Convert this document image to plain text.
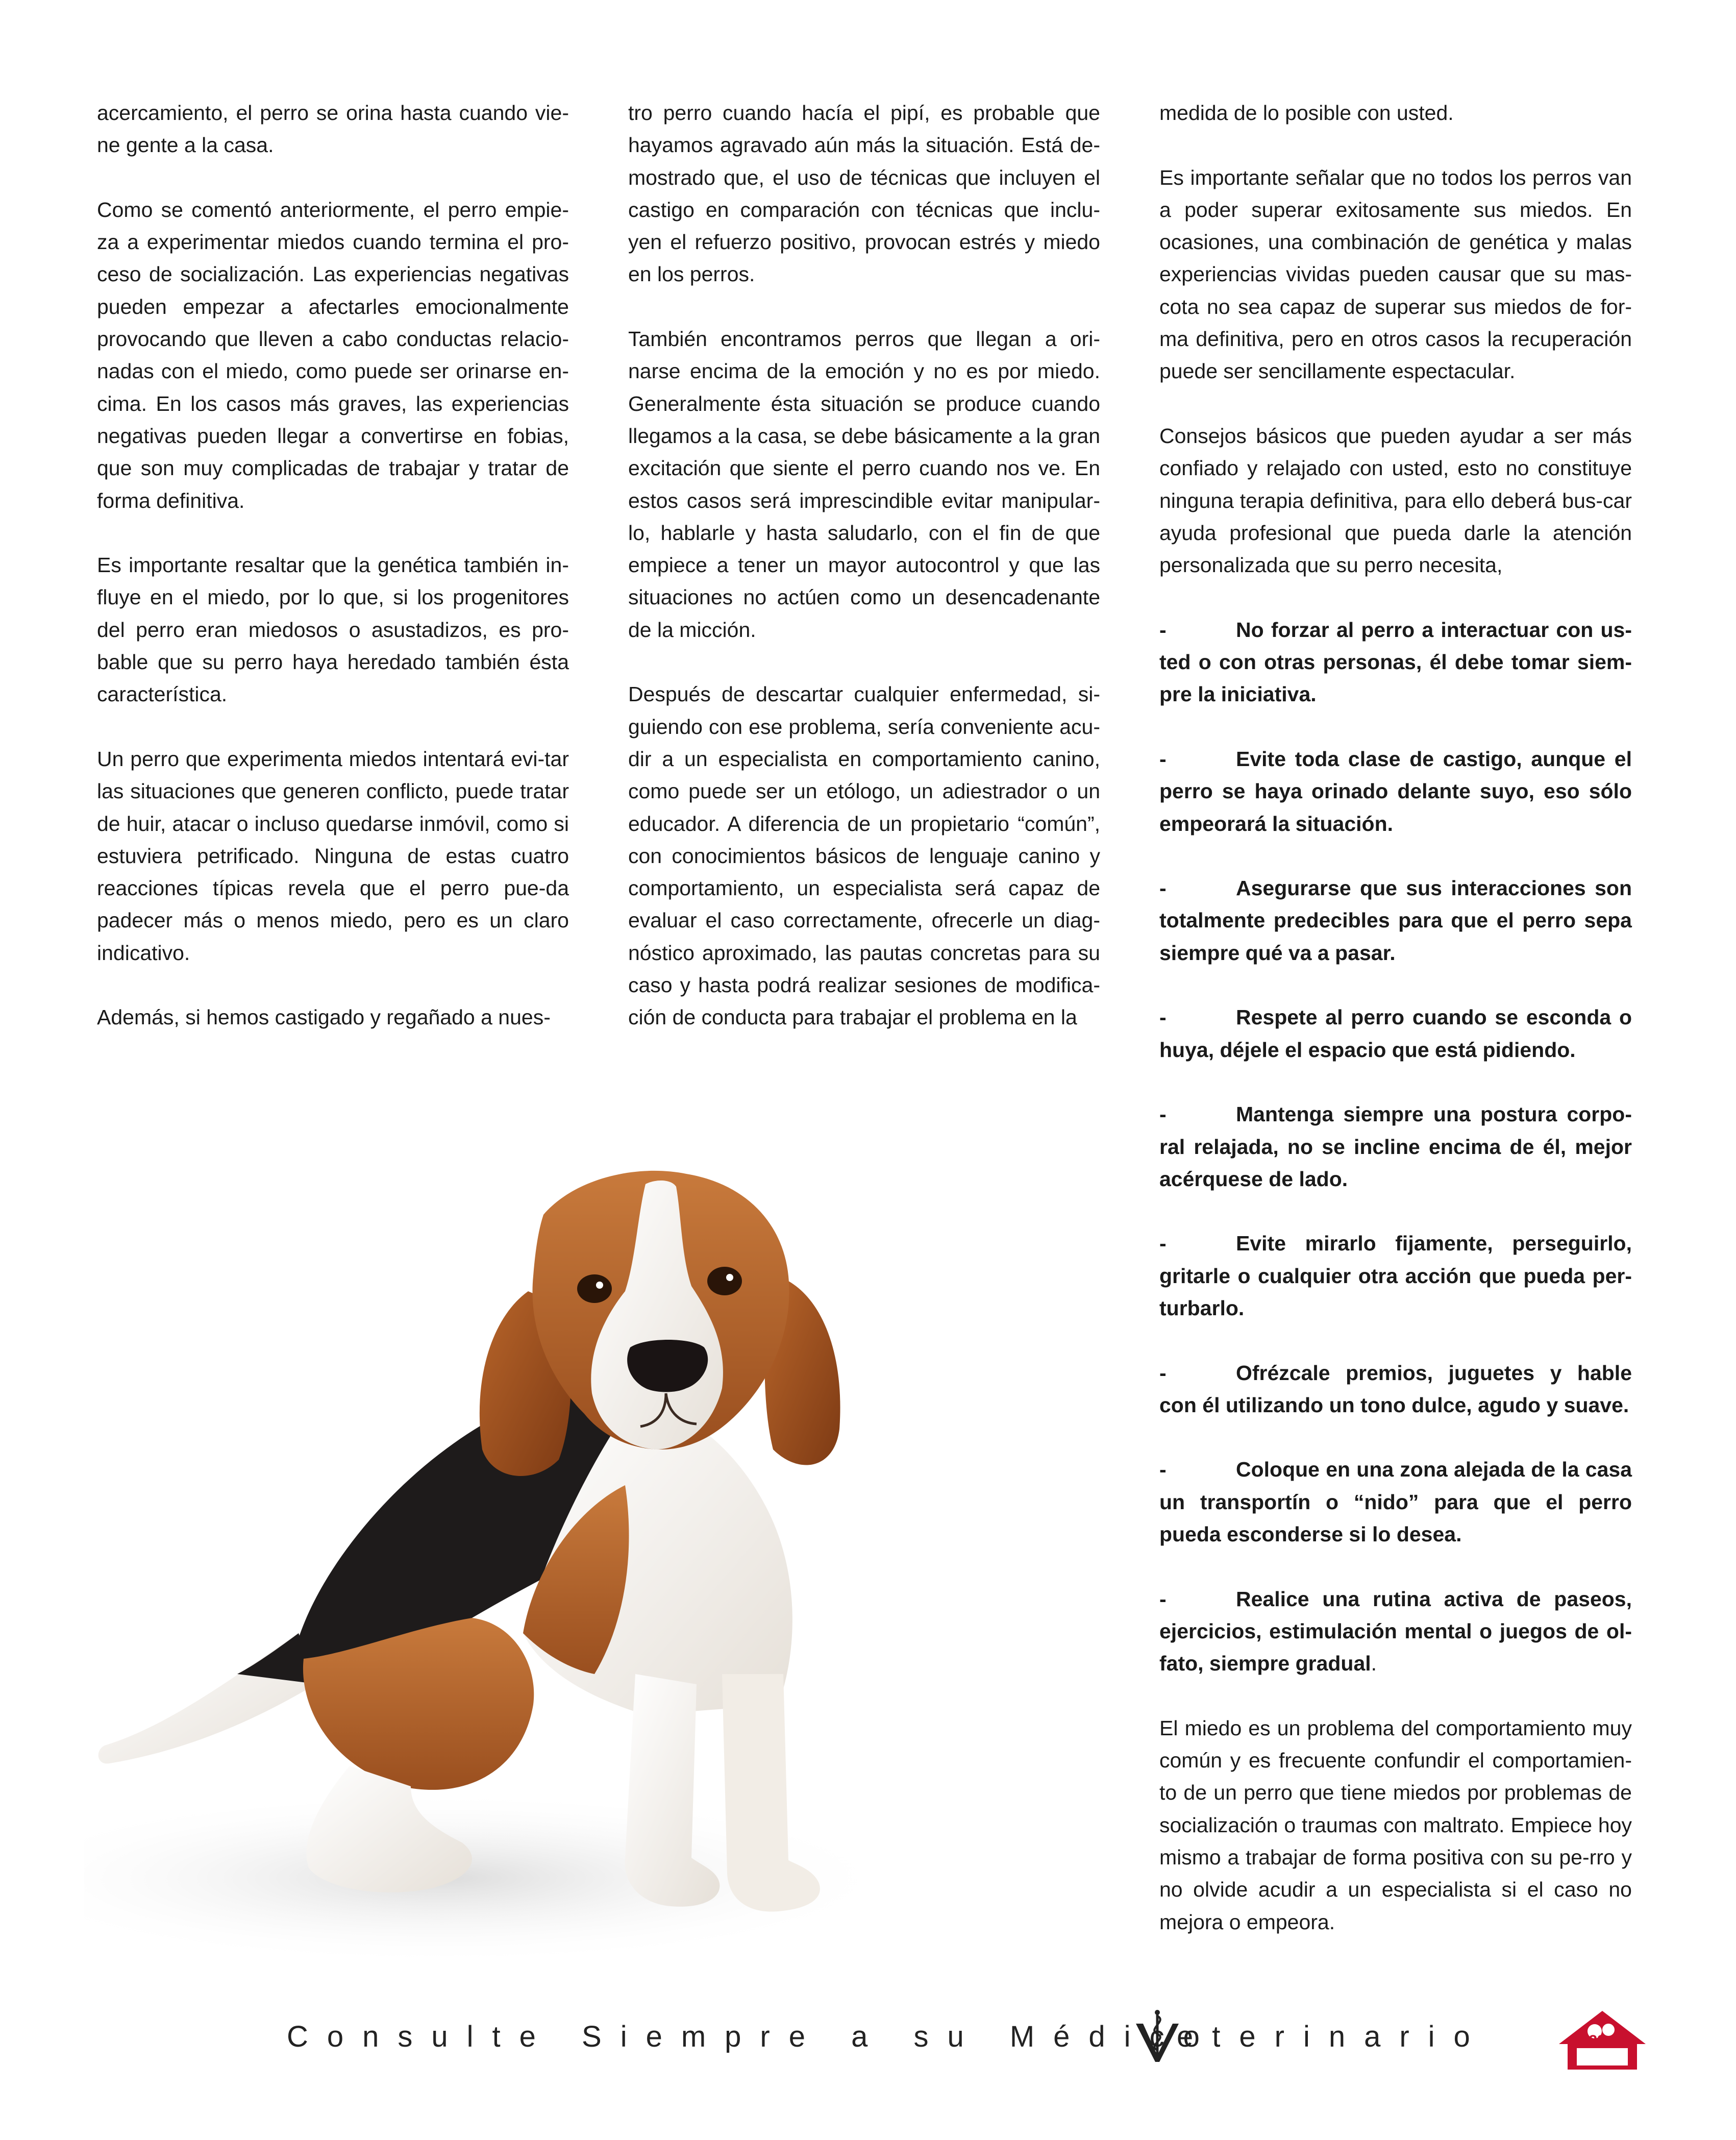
acercamiento, el perro se orina hasta cuando vie-ne gente a la casa.

Como se comentó anteriormente, el perro empie-za a experimentar miedos cuando termina el pro-ceso de socialización. Las experiencias negativas pueden empezar a afectarles emocionalmente provocando que lleven a cabo conductas relacio-nadas con el miedo, como puede ser orinarse en-cima. En los casos más graves, las experiencias negativas pueden llegar a convertirse en fobias, que son muy complicadas de trabajar y tratar de forma definitiva.

Es importante resaltar que la genética también in-fluye en el miedo, por lo que, si los progenitores del perro eran miedosos o asustadizos, es pro-bable que su perro haya heredado también ésta característica.

Un perro que experimenta miedos intentará evi-tar las situaciones que generen conflicto, puede tratar de huir, atacar o incluso quedarse inmóvil, como si estuviera petrificado. Ninguna de estas cuatro reacciones típicas revela que el perro pue-da padecer más o menos miedo, pero es un claro indicativo.

Además, si hemos castigado y regañado a nues-

tro perro cuando hacía el pipí, es probable que hayamos agravado aún más la situación. Está de-mostrado que, el uso de técnicas que incluyen el castigo en comparación con técnicas que inclu-yen el refuerzo positivo, provocan estrés y miedo en los perros.

También encontramos perros que llegan a ori-narse encima de la emoción y no es por miedo. Generalmente ésta situación se produce cuando llegamos a la casa, se debe básicamente a la gran excitación que siente el perro cuando nos ve. En estos casos será imprescindible evitar manipular-lo, hablarle y hasta saludarlo, con el fin de que empiece a tener un mayor autocontrol y que las situaciones no actúen como un desencadenante de la micción.

Después de descartar cualquier enfermedad, si-guiendo con ese problema, sería conveniente acu-dir a un especialista en comportamiento canino, como puede ser un etólogo, un adiestrador o un educador. A diferencia de un propietario “común”, con conocimientos básicos de lenguaje canino y comportamiento, un especialista será capaz de evaluar el caso correctamente, ofrecerle un diag-nóstico aproximado, las pautas concretas para su caso y hasta podrá realizar sesiones de modifica-ción de conducta para trabajar el problema en la

medida de lo posible con usted.

Es importante señalar que no todos los perros van a poder superar exitosamente sus miedos. En ocasiones, una combinación de genética y malas experiencias vividas pueden causar que su mas-cota no sea capaz de superar sus miedos de for-ma definitiva, pero en otros casos la recuperación puede ser sencillamente espectacular.

Consejos básicos que pueden ayudar a ser más confiado y relajado con usted, esto no constituye ninguna terapia definitiva, para ello deberá bus-car ayuda profesional que pueda darle la atención personalizada que su perro necesita,

-	No forzar al perro a interactuar con us-ted o con otras personas, él debe tomar siem-pre la iniciativa.
-	Evite toda clase de castigo, aunque el perro se haya orinado delante suyo, eso sólo empeorará la situación.
-	Asegurarse que sus interacciones son totalmente predecibles para que el perro sepa siempre qué va a pasar.
-	Respete al perro cuando se esconda o huya, déjele el espacio que está pidiendo.
-	Mantenga siempre una postura corpo-ral relajada, no se incline encima de él, mejor acérquese de lado.
-	Evite mirarlo fijamente, perseguirlo, gritarle o cualquier otra acción que pueda per-turbarlo.
-	Ofrézcale premios, juguetes y hable con él utilizando un tono dulce, agudo y suave.
-	Coloque en una zona alejada de la casa un transportín o “nido” para que el perro pueda esconderse si lo desea.
-	Realice una rutina activa de paseos, ejercicios, estimulación mental o juegos de ol-fato, siempre gradual.

El miedo es un problema del comportamiento muy común y es frecuente confundir el comportamien-to de un perro que tiene miedos por problemas de socialización o traumas con maltrato. Empiece hoy mismo a trabajar de forma positiva con su pe-rro y no olvide acudir a un especialista si el caso no mejora o empeora.

Consulte Siempre a su Médico
eterinario	23
